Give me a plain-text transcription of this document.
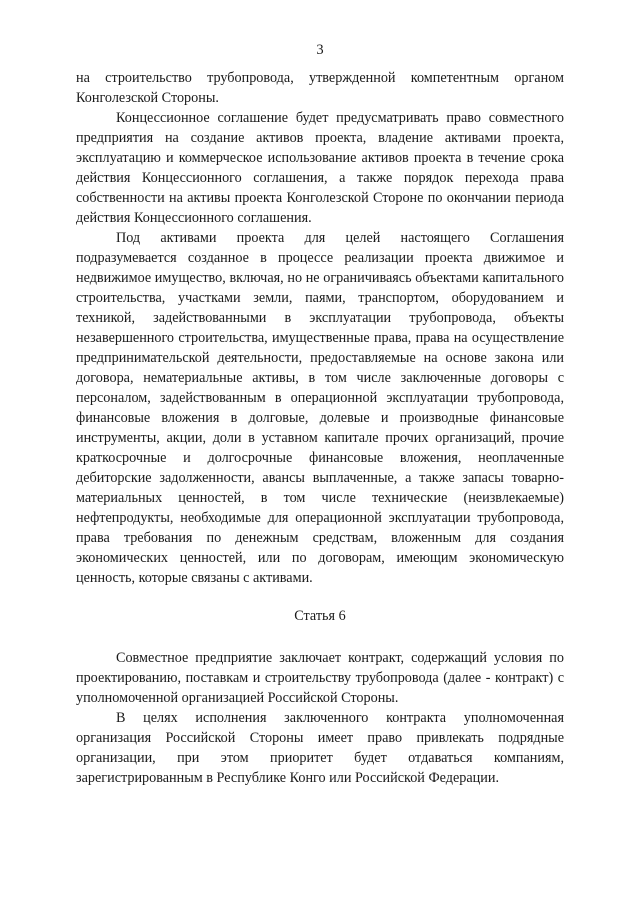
3

на строительство трубопровода, утвержденной компетентным органом Конголезской Стороны.

Концессионное соглашение будет предусматривать право совместного предприятия на создание активов проекта, владение активами проекта, эксплуатацию и коммерческое использование активов проекта в течение срока действия Концессионного соглашения, а также порядок перехода права собственности на активы проекта Конголезской Стороне по окончании периода действия Концессионного соглашения.

Под активами проекта для целей настоящего Соглашения подразумевается созданное в процессе реализации проекта движимое и недвижимое имущество, включая, но не ограничиваясь объектами капитального строительства, участками земли, паями, транспортом, оборудованием и техникой, задействованными в эксплуатации трубопровода, объекты незавершенного строительства, имущественные права, права на осуществление предпринимательской деятельности, предоставляемые на основе закона или договора, нематериальные активы, в том числе заключенные договоры с персоналом, задействованным в операционной эксплуатации трубопровода, финансовые вложения в долговые, долевые и производные финансовые инструменты, акции, доли в уставном капитале прочих организаций, прочие краткосрочные и долгосрочные финансовые вложения, неоплаченные дебиторские задолженности, авансы выплаченные, а также запасы товарно-материальных ценностей, в том числе технические (неизвлекаемые) нефтепродукты, необходимые для операционной эксплуатации трубопровода, права требования по денежным средствам, вложенным для создания экономических ценностей, или по договорам, имеющим экономическую ценность, которые связаны с активами.

Статья 6

Совместное предприятие заключает контракт, содержащий условия по проектированию, поставкам и строительству трубопровода (далее - контракт) с уполномоченной организацией Российской Стороны.

В целях исполнения заключенного контракта уполномоченная организация Российской Стороны имеет право привлекать подрядные организации, при этом приоритет будет отдаваться компаниям, зарегистрированным в Республике Конго или Российской Федерации.
